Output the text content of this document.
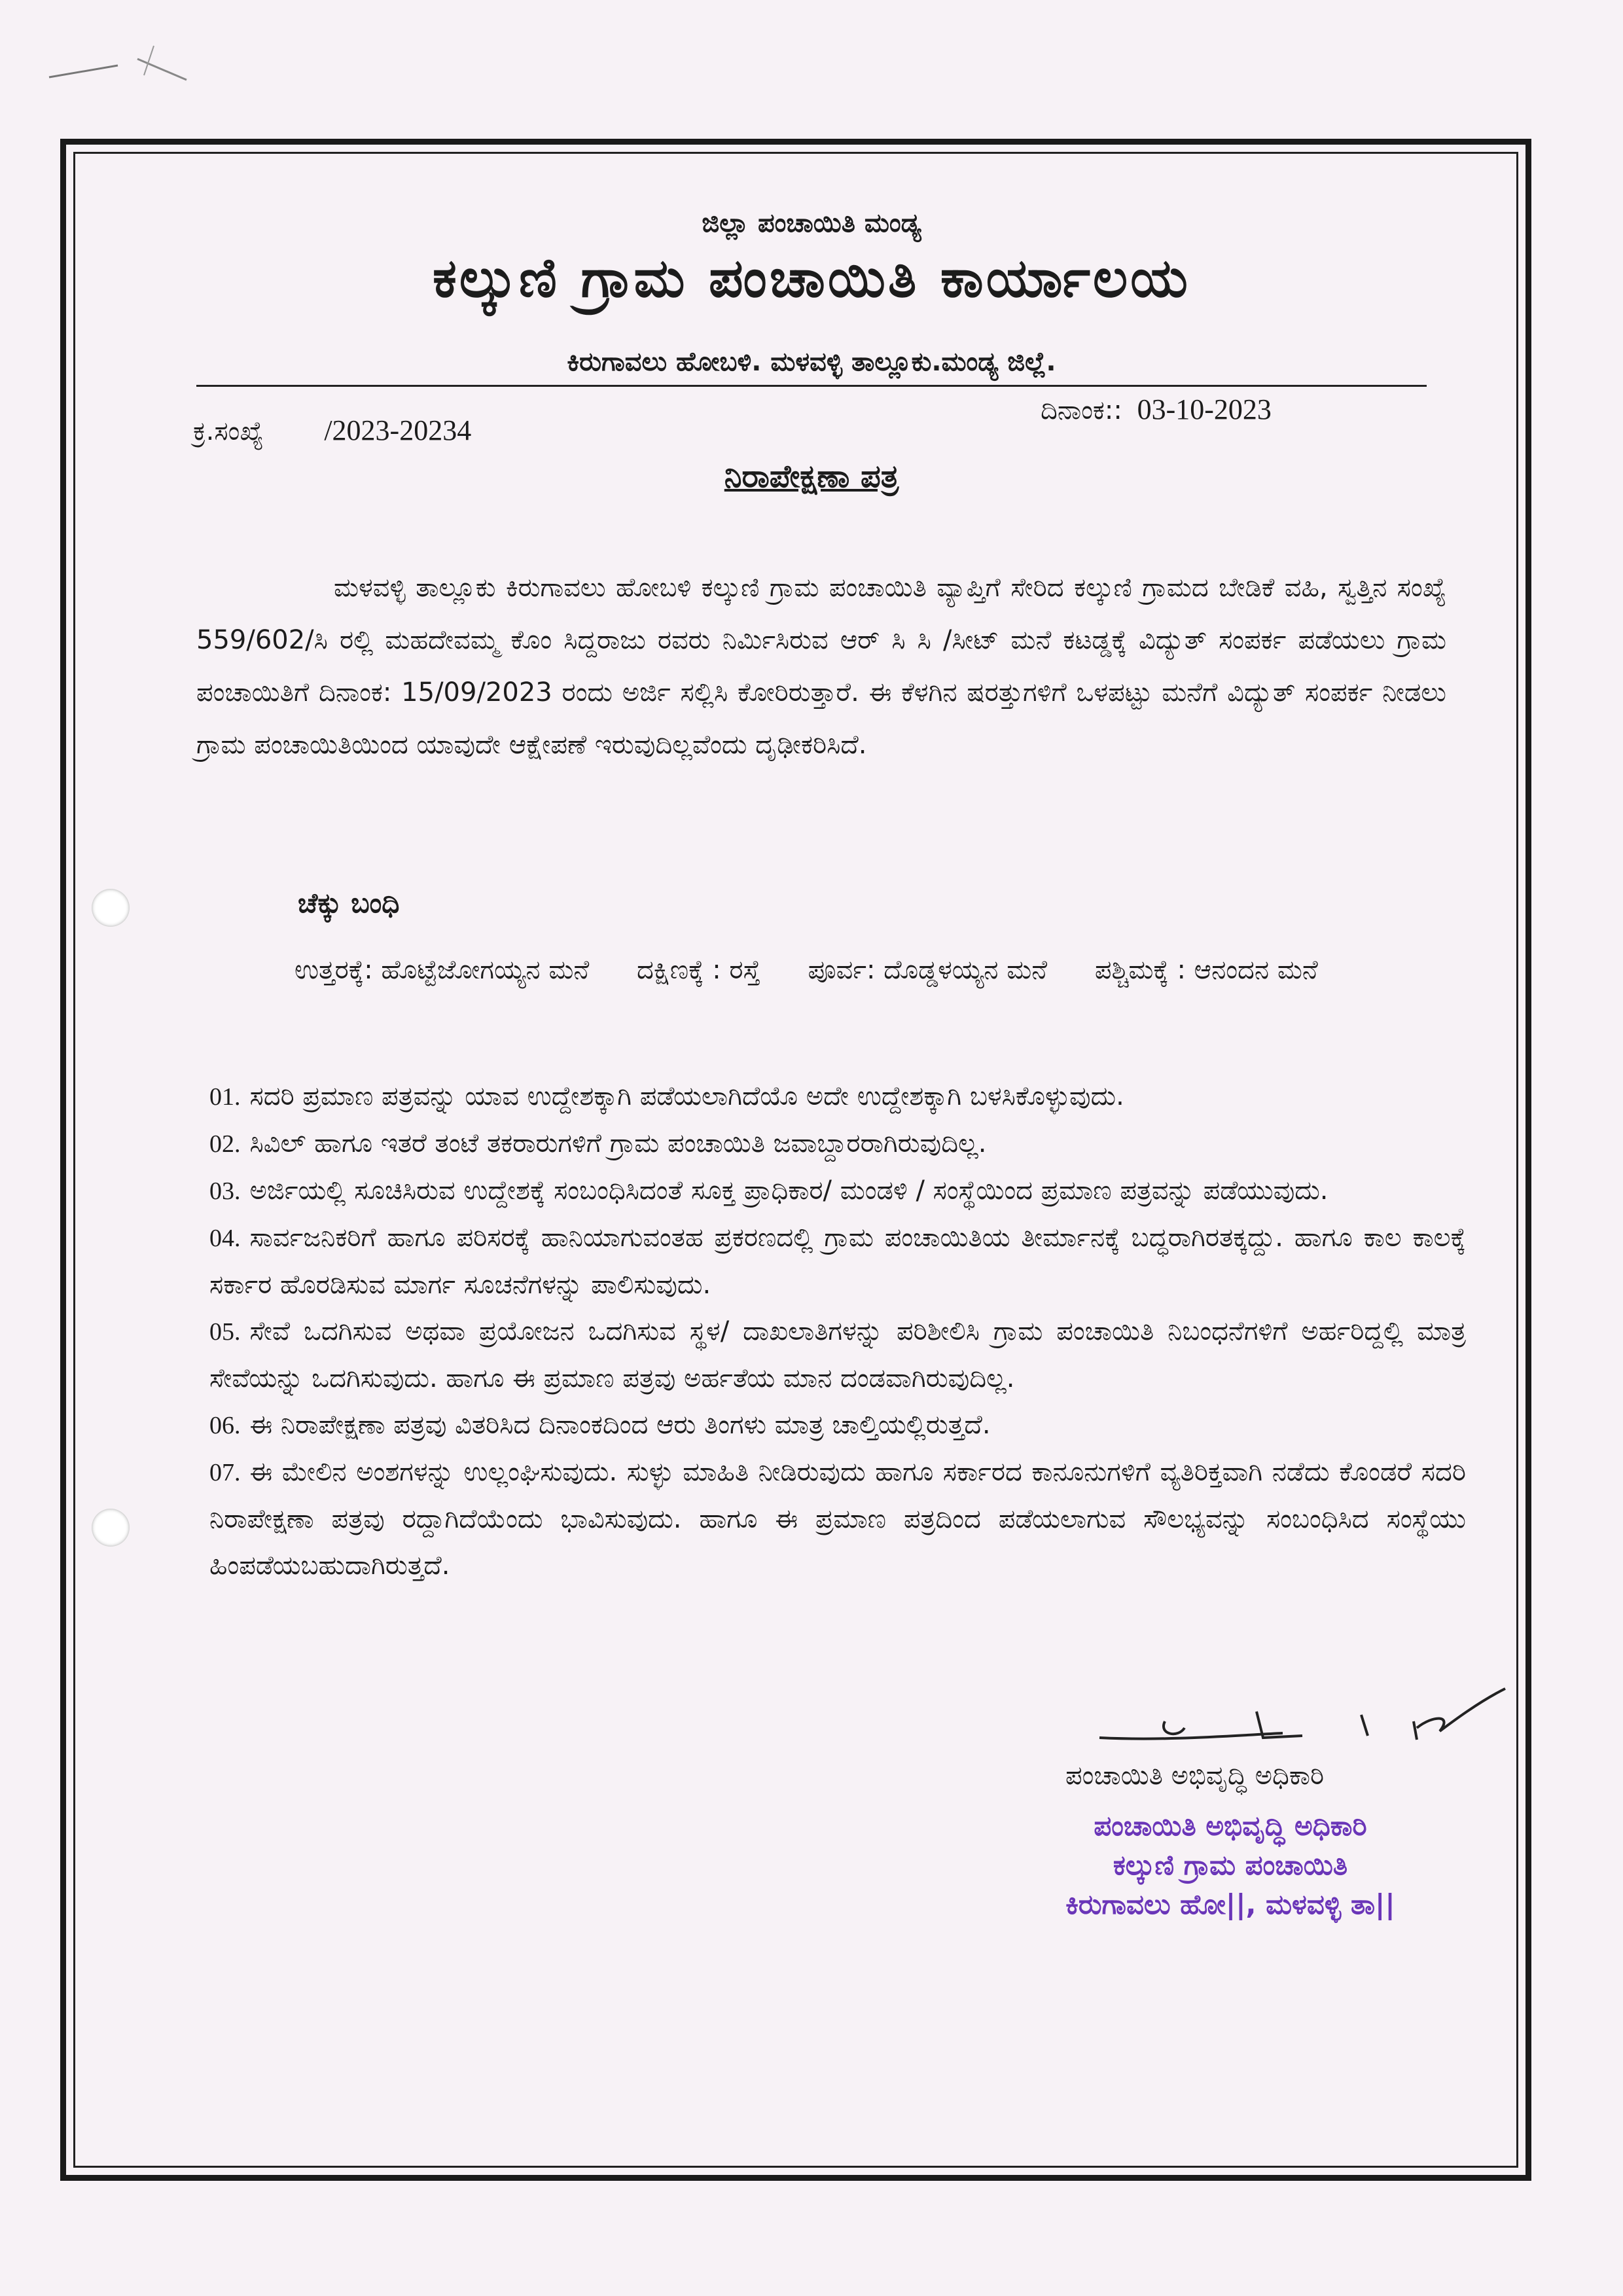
ಜಿಲ್ಲಾ ಪಂಚಾಯಿತಿ ಮಂಡ್ಯ
ಕಲ್ಕುಣಿ ಗ್ರಾಮ ಪಂಚಾಯಿತಿ ಕಾರ್ಯಾಲಯ
ಕಿರುಗಾವಲು ಹೋಬಳಿ. ಮಳವಳ್ಳಿ ತಾಲ್ಲೂಕು.ಮಂಡ್ಯ ಜಿಲ್ಲೆ.
ಕ್ರ.ಸಂಖ್ಯೆ /2023-20234
ದಿನಾಂಕ:: 03-10-2023
ನಿರಾಪೇಕ್ಷಣಾ ಪತ್ರ
ಮಳವಳ್ಳಿ ತಾಲ್ಲೂಕು ಕಿರುಗಾವಲು ಹೋಬಳಿ ಕಲ್ಕುಣಿ ಗ್ರಾಮ ಪಂಚಾಯಿತಿ ವ್ಯಾಪ್ತಿಗೆ ಸೇರಿದ ಕಲ್ಕುಣಿ ಗ್ರಾಮದ ಬೇಡಿಕೆ ವಹಿ, ಸ್ವತ್ತಿನ ಸಂಖ್ಯೆ 559/602/ಸಿ ರಲ್ಲಿ ಮಹದೇವಮ್ಮ ಕೊಂ ಸಿದ್ದರಾಜು ರವರು ನಿರ್ಮಿಸಿರುವ ಆರ್ ಸಿ ಸಿ /ಸೀಟ್ ಮನೆ ಕಟಡ್ಡಕ್ಕೆ ವಿದ್ಯುತ್ ಸಂಪರ್ಕ ಪಡೆಯಲು ಗ್ರಾಮ ಪಂಚಾಯಿತಿಗೆ ದಿನಾಂಕ: 15/09/2023 ರಂದು ಅರ್ಜಿ ಸಲ್ಲಿಸಿ ಕೋರಿರುತ್ತಾರೆ. ಈ ಕೆಳಗಿನ ಷರತ್ತುಗಳಿಗೆ ಒಳಪಟ್ಟು ಮನೆಗೆ ವಿದ್ಯುತ್ ಸಂಪರ್ಕ ನೀಡಲು ಗ್ರಾಮ ಪಂಚಾಯಿತಿಯಿಂದ ಯಾವುದೇ ಆಕ್ಷೇಪಣೆ ಇರುವುದಿಲ್ಲವೆಂದು ದೃಢೀಕರಿಸಿದೆ.
ಚೆಕ್ಕು ಬಂಧಿ
ಉತ್ತರಕ್ಕೆ: ಹೊಟ್ಟೆಜೋಗಯ್ಯನ ಮನೆ ದಕ್ಷಿಣಕ್ಕೆ : ರಸ್ತೆ ಪೂರ್ವ: ದೊಡ್ಡಳಯ್ಯನ ಮನೆ ಪಶ್ಚಿಮಕ್ಕೆ : ಆನಂದನ ಮನೆ
01. ಸದರಿ ಪ್ರಮಾಣ ಪತ್ರವನ್ನು ಯಾವ ಉದ್ದೇಶಕ್ಕಾಗಿ ಪಡೆಯಲಾಗಿದೆಯೊ ಅದೇ ಉದ್ದೇಶಕ್ಕಾಗಿ ಬಳಸಿಕೊಳ್ಳುವುದು.
02. ಸಿವಿಲ್ ಹಾಗೂ ಇತರೆ ತಂಟೆ ತಕರಾರುಗಳಿಗೆ ಗ್ರಾಮ ಪಂಚಾಯಿತಿ ಜವಾಬ್ದಾರರಾಗಿರುವುದಿಲ್ಲ.
03. ಅರ್ಜಿಯಲ್ಲಿ ಸೂಚಿಸಿರುವ ಉದ್ದೇಶಕ್ಕೆ ಸಂಬಂಧಿಸಿದಂತೆ ಸೂಕ್ತ ಪ್ರಾಧಿಕಾರ/ ಮಂಡಳಿ / ಸಂಸ್ಥೆಯಿಂದ ಪ್ರಮಾಣ ಪತ್ರವನ್ನು ಪಡೆಯುವುದು.
04. ಸಾರ್ವಜನಿಕರಿಗೆ ಹಾಗೂ ಪರಿಸರಕ್ಕೆ ಹಾನಿಯಾಗುವಂತಹ ಪ್ರಕರಣದಲ್ಲಿ ಗ್ರಾಮ ಪಂಚಾಯಿತಿಯ ತೀರ್ಮಾನಕ್ಕೆ ಬದ್ಧರಾಗಿರತಕ್ಕದ್ದು. ಹಾಗೂ ಕಾಲ ಕಾಲಕ್ಕೆ ಸರ್ಕಾರ ಹೊರಡಿಸುವ ಮಾರ್ಗ ಸೂಚನೆಗಳನ್ನು ಪಾಲಿಸುವುದು.
05. ಸೇವೆ ಒದಗಿಸುವ ಅಥವಾ ಪ್ರಯೋಜನ ಒದಗಿಸುವ ಸ್ಥಳ/ ದಾಖಲಾತಿಗಳನ್ನು ಪರಿಶೀಲಿಸಿ ಗ್ರಾಮ ಪಂಚಾಯಿತಿ ನಿಬಂಧನೆಗಳಿಗೆ ಅರ್ಹರಿದ್ದಲ್ಲಿ ಮಾತ್ರ ಸೇವೆಯನ್ನು ಒದಗಿಸುವುದು. ಹಾಗೂ ಈ ಪ್ರಮಾಣ ಪತ್ರವು ಅರ್ಹತೆಯ ಮಾನ ದಂಡವಾಗಿರುವುದಿಲ್ಲ.
06. ಈ ನಿರಾಪೇಕ್ಷಣಾ ಪತ್ರವು ವಿತರಿಸಿದ ದಿನಾಂಕದಿಂದ ಆರು ತಿಂಗಳು ಮಾತ್ರ ಚಾಲ್ತಿಯಲ್ಲಿರುತ್ತದೆ.
07. ಈ ಮೇಲಿನ ಅಂಶಗಳನ್ನು ಉಲ್ಲಂಘಿಸುವುದು. ಸುಳ್ಳು ಮಾಹಿತಿ ನೀಡಿರುವುದು ಹಾಗೂ ಸರ್ಕಾರದ ಕಾನೂನುಗಳಿಗೆ ವ್ಯತಿರಿಕ್ತವಾಗಿ ನಡೆದು ಕೊಂಡರೆ ಸದರಿ ನಿರಾಪೇಕ್ಷಣಾ ಪತ್ರವು ರದ್ದಾಗಿದೆಯೆಂದು ಭಾವಿಸುವುದು. ಹಾಗೂ ಈ ಪ್ರಮಾಣ ಪತ್ರದಿಂದ ಪಡೆಯಲಾಗುವ ಸೌಲಭ್ಯವನ್ನು ಸಂಬಂಧಿಸಿದ ಸಂಸ್ಥೆಯು ಹಿಂಪಡೆಯಬಹುದಾಗಿರುತ್ತದೆ.
ಪಂಚಾಯಿತಿ ಅಭಿವೃದ್ಧಿ ಅಧಿಕಾರಿ
ಪಂಚಾಯಿತಿ ಅಭಿವೃದ್ಧಿ ಅಧಿಕಾರಿ
ಕಲ್ಕುಣಿ ಗ್ರಾಮ ಪಂಚಾಯಿತಿ
ಕಿರುಗಾವಲು ಹೋ||, ಮಳವಳ್ಳಿ ತಾ||
